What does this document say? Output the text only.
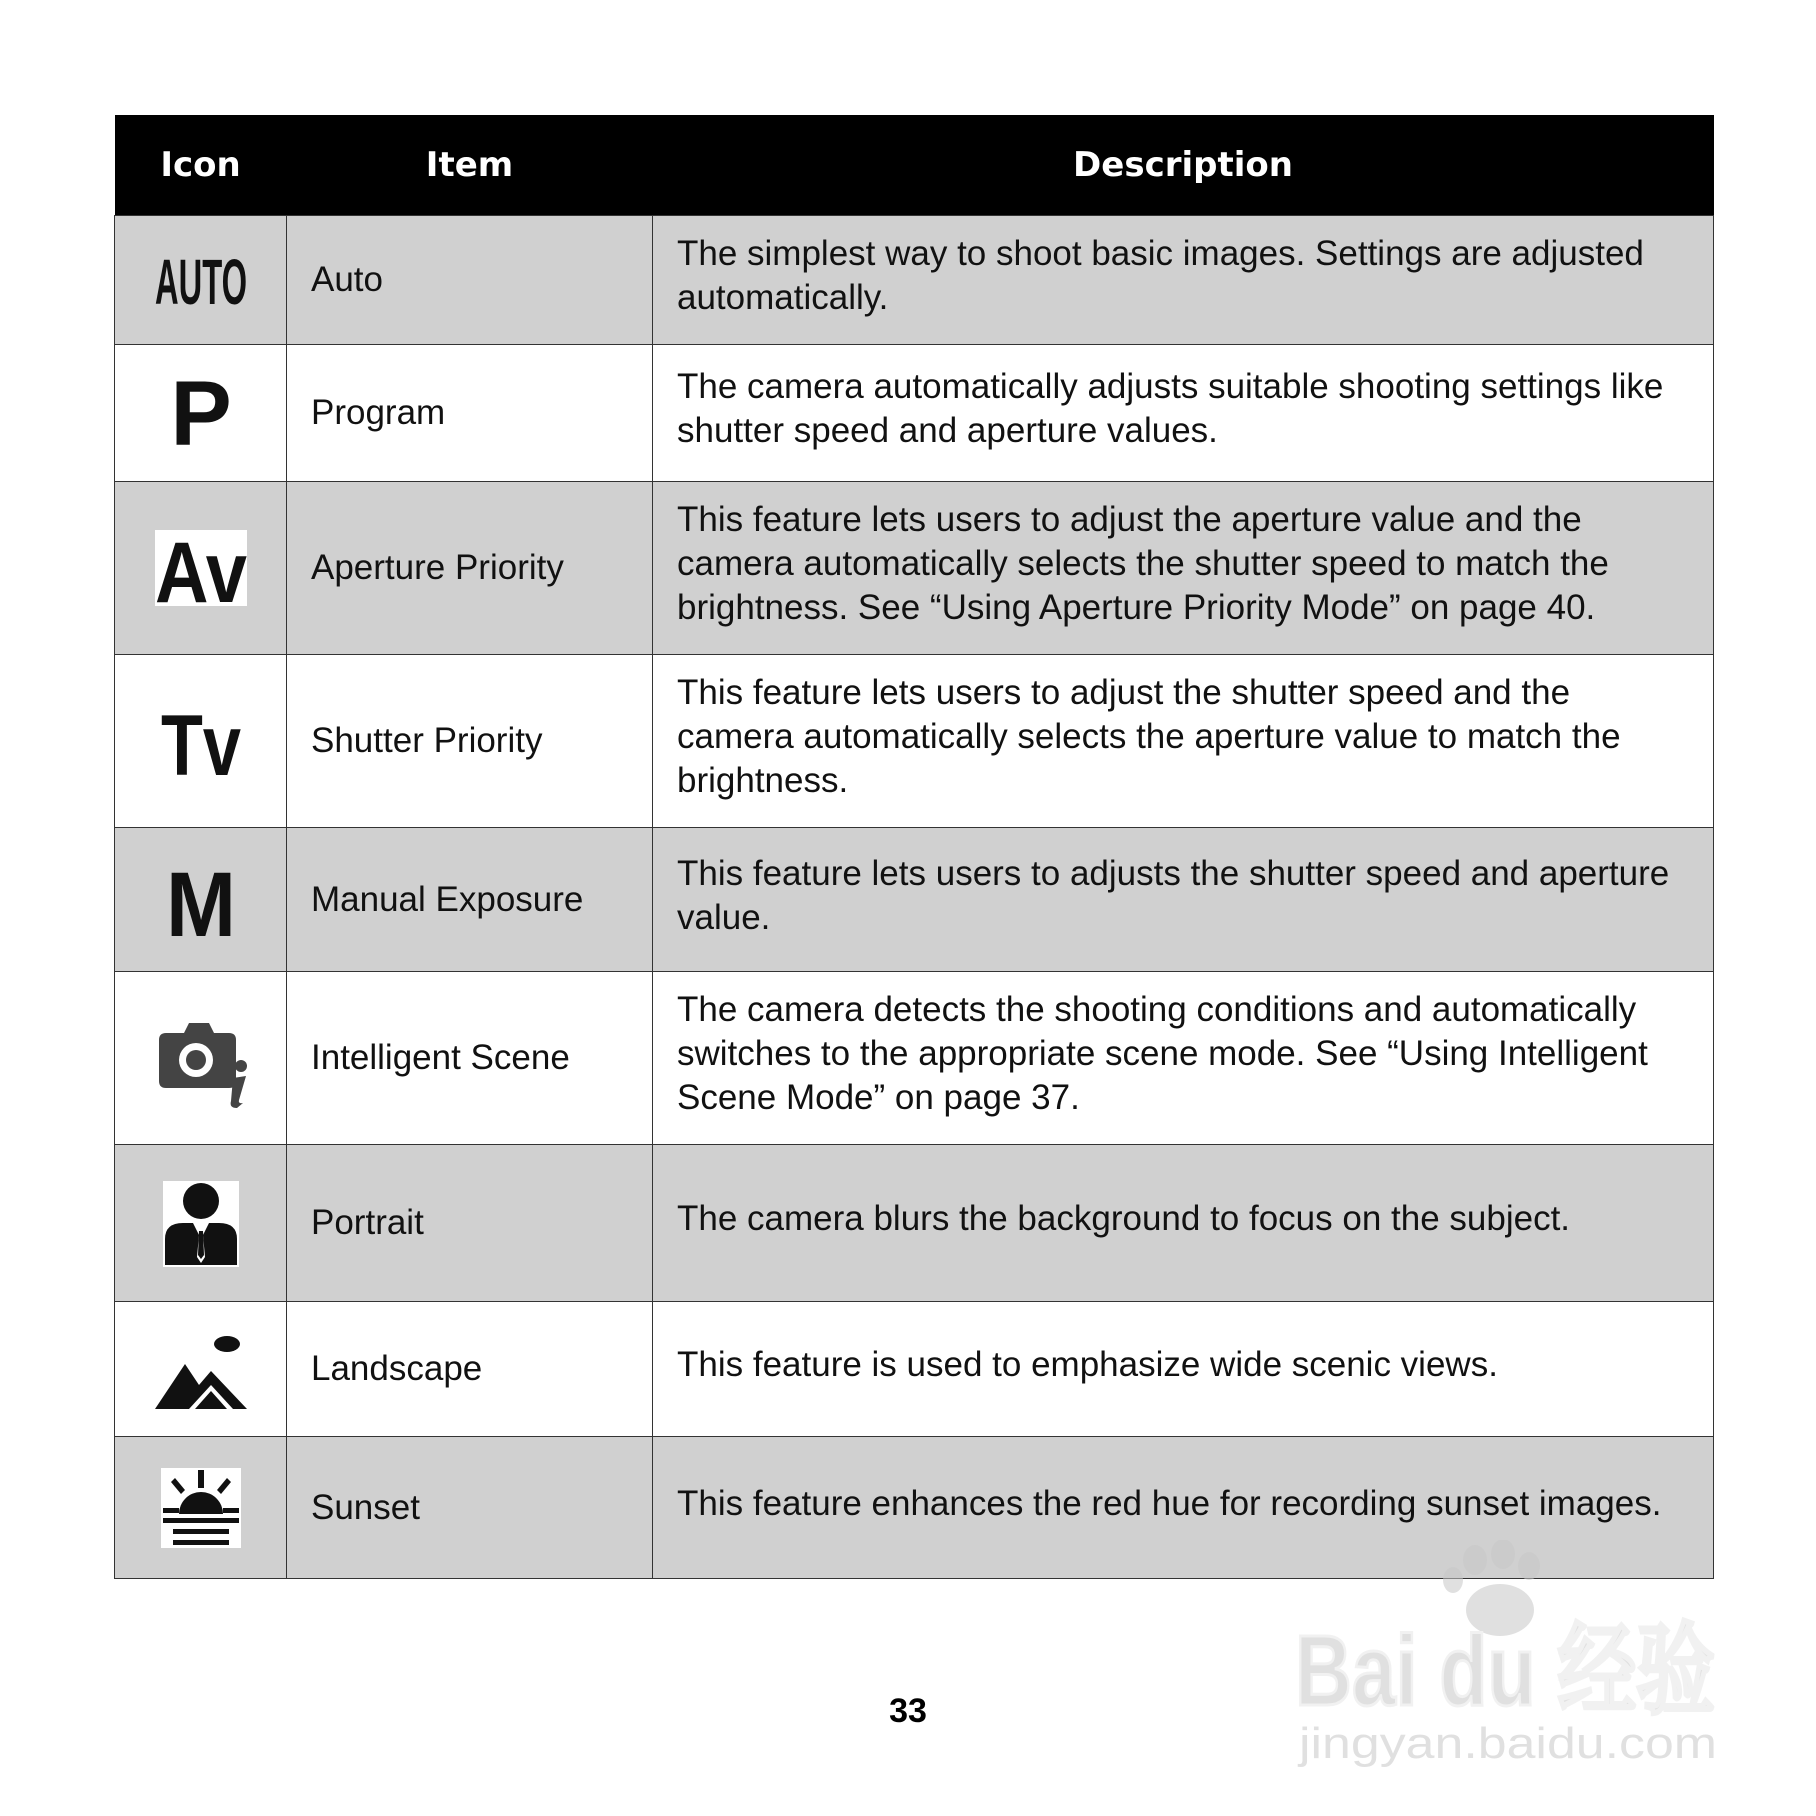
Icon	Item	Description

AUTO	Auto	The simplest way to shoot basic images. Settings are adjusted automatically.

P	Program	The camera automatically adjusts suitable shooting settings like shutter speed and aperture values.

Av	Aperture Priority	This feature lets users to adjust the aperture value and the camera automatically selects the shutter speed to match the brightness. See “Using Aperture Priority Mode” on page 40.

Tv	Shutter Priority	This feature lets users to adjust the shutter speed and the camera automatically selects the aperture value to match the brightness.

M	Manual Exposure	This feature lets users to adjusts the shutter speed and aperture value.

	Intelligent Scene	The camera detects the shooting conditions and automatically switches to the appropriate scene mode. See “Using Intelligent Scene Mode” on page 37.

	Portrait	The camera blurs the background to focus on the subject.

	Landscape	This feature is used to emphasize wide scenic views.

	Sunset	This feature enhances the red hue for recording sunset images.
33	Bai du 经验
jingyan.baidu.com
